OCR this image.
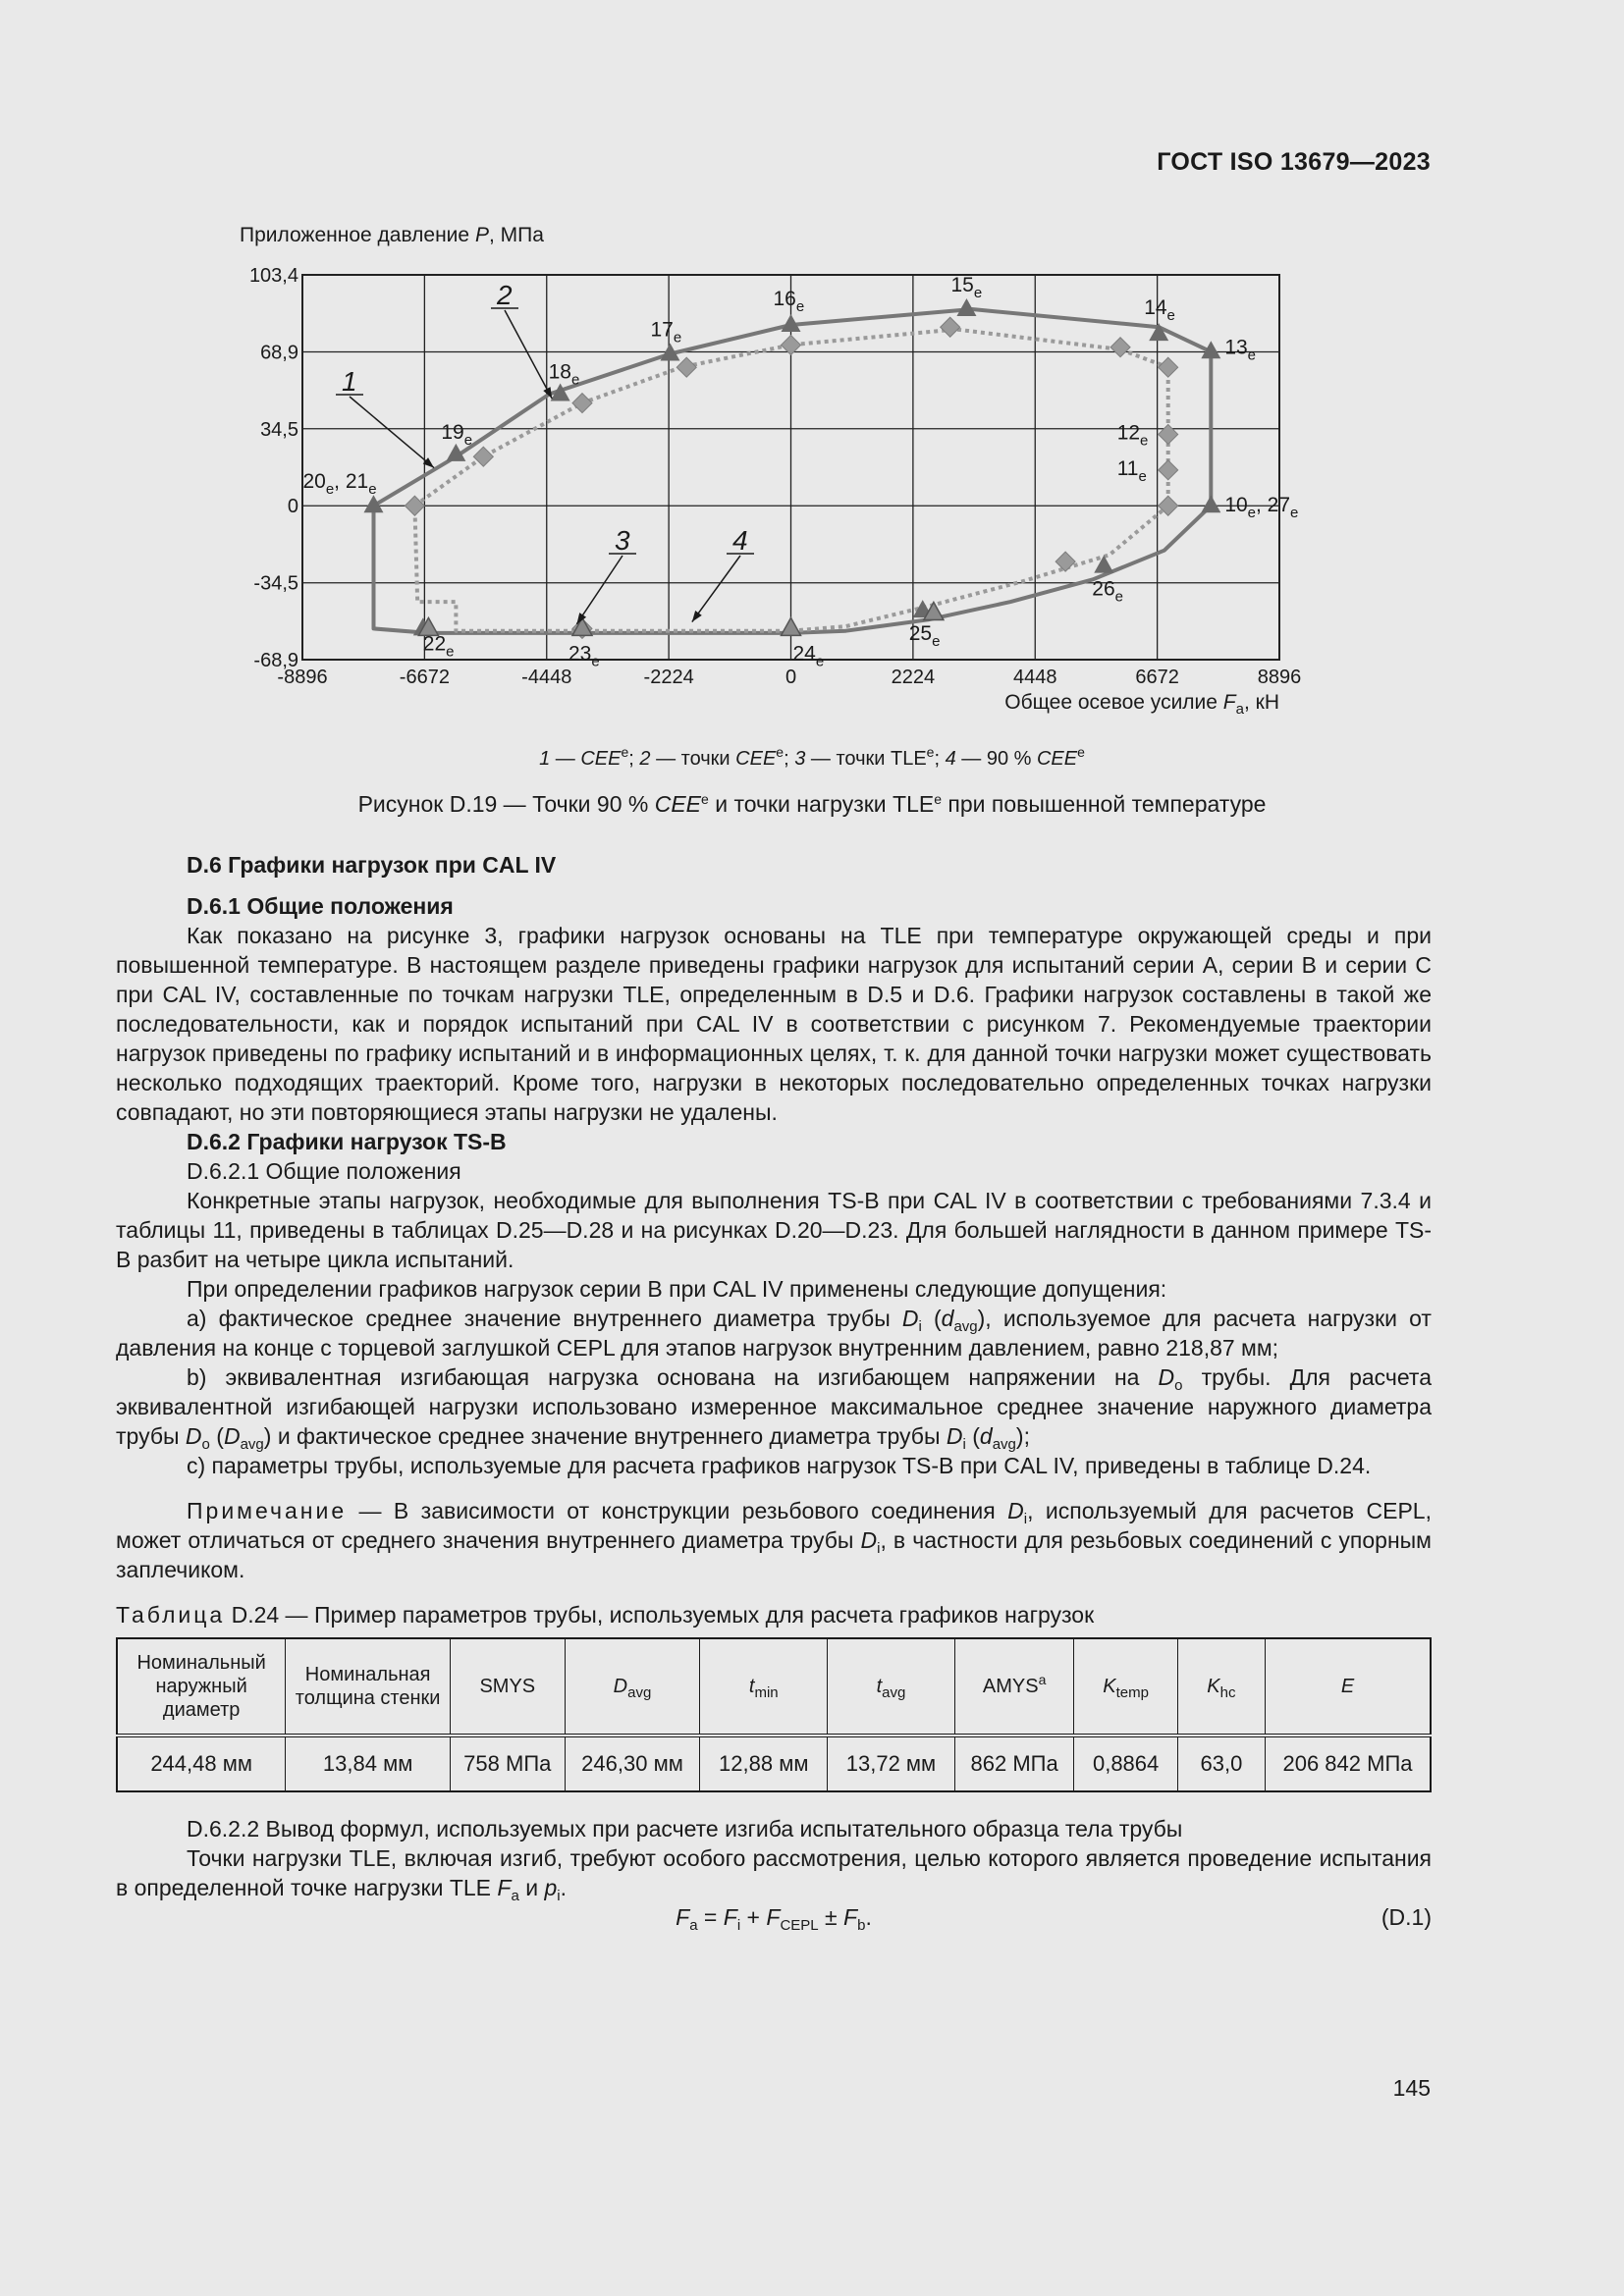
ГОСТ ISO 13679—2023
-8896	-6672	-4448	-2224	0	2224	4448	6672	8896
103,4
68,9
34,5
0
-34,5
-68,9
Приложенное давление P, МПа
Общее осевое усилие $F_a$, кН
$20_e$, $21_e$
$19_e$
$18_e$
$17_e$
$16_e$
$15_e$
$14_e$
$13_e$
$12_e$
$11_e$
$10_e$, $27_e$
$26_e$
$25_e$
$24_e$
$23_e$
$22_e$
1
2
3	4
1 — CEE$^e$; 2 — точки CEE$^e$; 3 — точки TLE$^e$; 4 — 90 % CEE$^e$
Рисунок D.19 — Точки 90 % CEE$^e$ и точки нагрузки TLE$^e$ при повышенной температуре

D.6 Графики нагрузок при CAL IV

D.6.1 Общие положения

Как показано на рисунке 3, графики нагрузок основаны на TLE при температуре окружающей среды и при повышенной температуре. В настоящем разделе приведены графики нагрузок для испытаний серии A, серии B и серии C при CAL IV, составленные по точкам нагрузки TLE, определенным в D.5 и D.6. Графики нагрузок составлены в такой же последовательности, как и порядок испытаний при CAL IV в соответствии с рисунком 7. Рекомендуемые траектории нагрузок приведены по графику испытаний и в информационных целях, т. к. для данной точки нагрузки может существовать несколько подходящих траекторий. Кроме того, нагрузки в некоторых последовательно определенных точках нагрузки совпадают, но эти повторяющиеся этапы нагрузки не удалены.

D.6.2 Графики нагрузок TS-B

D.6.2.1 Общие положения

Конкретные этапы нагрузок, необходимые для выполнения TS-B при CAL IV в соответствии с требованиями 7.3.4 и таблицы 11, приведены в таблицах D.25—D.28 и на рисунках D.20—D.23. Для большей наглядности в данном примере TS-B разбит на четыре цикла испытаний.

При определении графиков нагрузок серии B при CAL IV применены следующие допущения:

a) фактическое среднее значение внутреннего диаметра трубы $D_i$ $(d_{avg})$, используемое для расчета нагрузки от давления на конце с торцевой заглушкой CEPL для этапов нагрузок внутренним давлением, равно 218,87 мм;

b) эквивалентная изгибающая нагрузка основана на изгибающем напряжении на $D_o$ трубы. Для расчета эквивалентной изгибающей нагрузки использовано измеренное максимальное среднее значение наружного диаметра трубы $D_o$ $(D_{avg})$ и фактическое среднее значение внутреннего диаметра трубы $D_i$ $(d_{avg})$;

c) параметры трубы, используемые для расчета графиков нагрузок TS-B при CAL IV, приведены в таблице D.24.

Примечание — В зависимости от конструкции резьбового соединения $D_i$, используемый для расчетов CEPL, может отличаться от среднего значения внутреннего диаметра трубы $D_i$, в частности для резьбовых соединений с упорным заплечиком.

Таблица D.24 — Пример параметров трубы, используемых для расчета графиков нагрузок

Номинальный наружный диаметр	Номинальная толщина стенки	SMYS	$D_{avg}$	$t_{min}$	$t_{avg}$	AMYS$^a$	$K_{temp}$	$K_{hc}$	E
244,48 мм	13,84 мм	758 МПа	246,30 мм	12,88 мм	13,72 мм	862 МПа	0,8864	63,0	206 842 МПа

D.6.2.2 Вывод формул, используемых при расчете изгиба испытательного образца тела трубы

Точки нагрузки TLE, включая изгиб, требуют особого рассмотрения, целью которого является проведение испытания в определенной точке нагрузки TLE $F_a$ и $p_i$.

$F_a = F_i + F_{CEPL} \pm F_b$.	(D.1)
145
